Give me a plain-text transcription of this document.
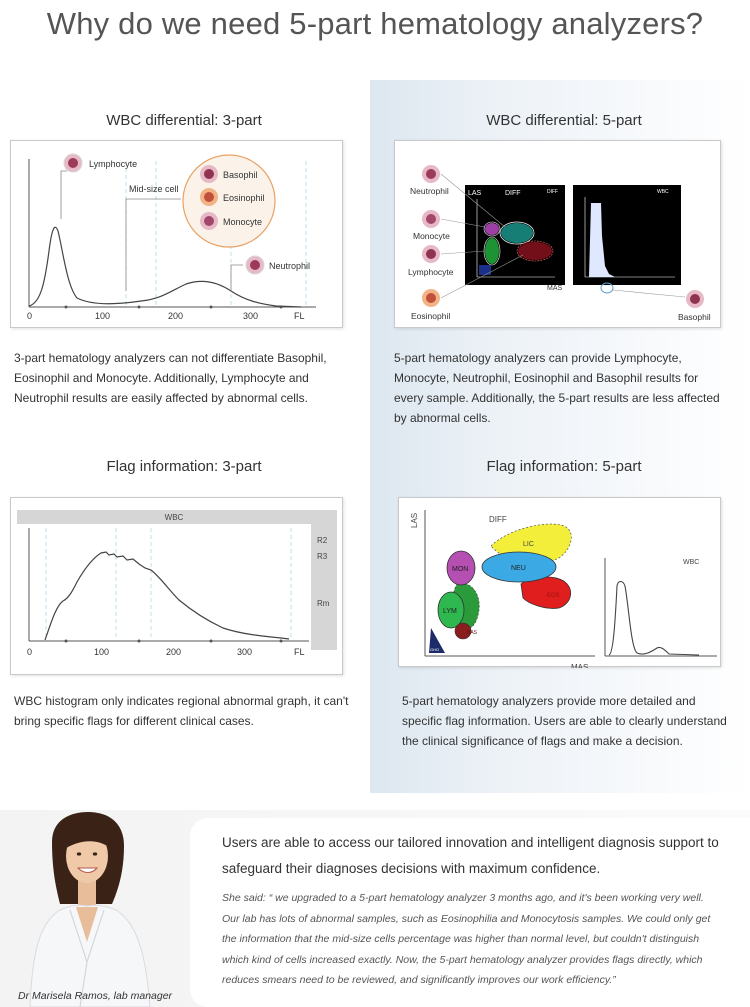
Why do we need 5-part hematology analyzers?
WBC differential: 3-part
Lymphocyte
Mid-size cell
Basophil
Eosinophil
Monocyte
Neutrophil
0	100	200	300	FL
3-part hematology analyzers can not differentiate Basophil,
Eosinophil and Monocyte. Additionally, Lymphocyte and
Neutrophil results are easily affected by abnormal cells.
WBC differential: 5-part
Neutrophil
Monocyte
Lymphocyte
Eosinophil
LAS	DIFF	DIFF
MAS
WBC
Basophil
5-part hematology analyzers can provide Lymphocyte,
Monocyte, Neutrophil, Eosinophil and Basophil results for
every sample. Additionally, the 5-part results are less affected
by abnormal cells.
Flag information: 3-part
WBC
R2
R3
Rm
0	100	200	300	FL
WBC histogram only indicates regional abnormal graph, it can't
bring specific flags for different clinical cases.
Flag information: 5-part
LAS	DIFF
LIC
EOS
NEU
MON
LYM
BAS
GHO
MAS
WBC
5-part hematology analyzers provide more detailed and
specific flag information. Users are able to clearly understand
the clinical significance of flags and make a decision.
Users are able to access our tailored innovation and intelligent diagnosis support to safeguard their diagnoses decisions with maximum confidence.
She said: “ we upgraded to a 5-part hematology analyzer 3 months ago, and it's been working very well. Our lab has lots of abnormal samples, such as Eosinophilia and Monocytosis samples. We could only get the information that the mid-size cells percentage was higher than normal level, but couldn't distinguish which kind of cells increased exactly. Now, the 5-part hematology analyzer provides flags directly, which reduces smears need to be reviewed, and significantly improves our work efficiency.”
Dr Marisela Ramos, lab manager
